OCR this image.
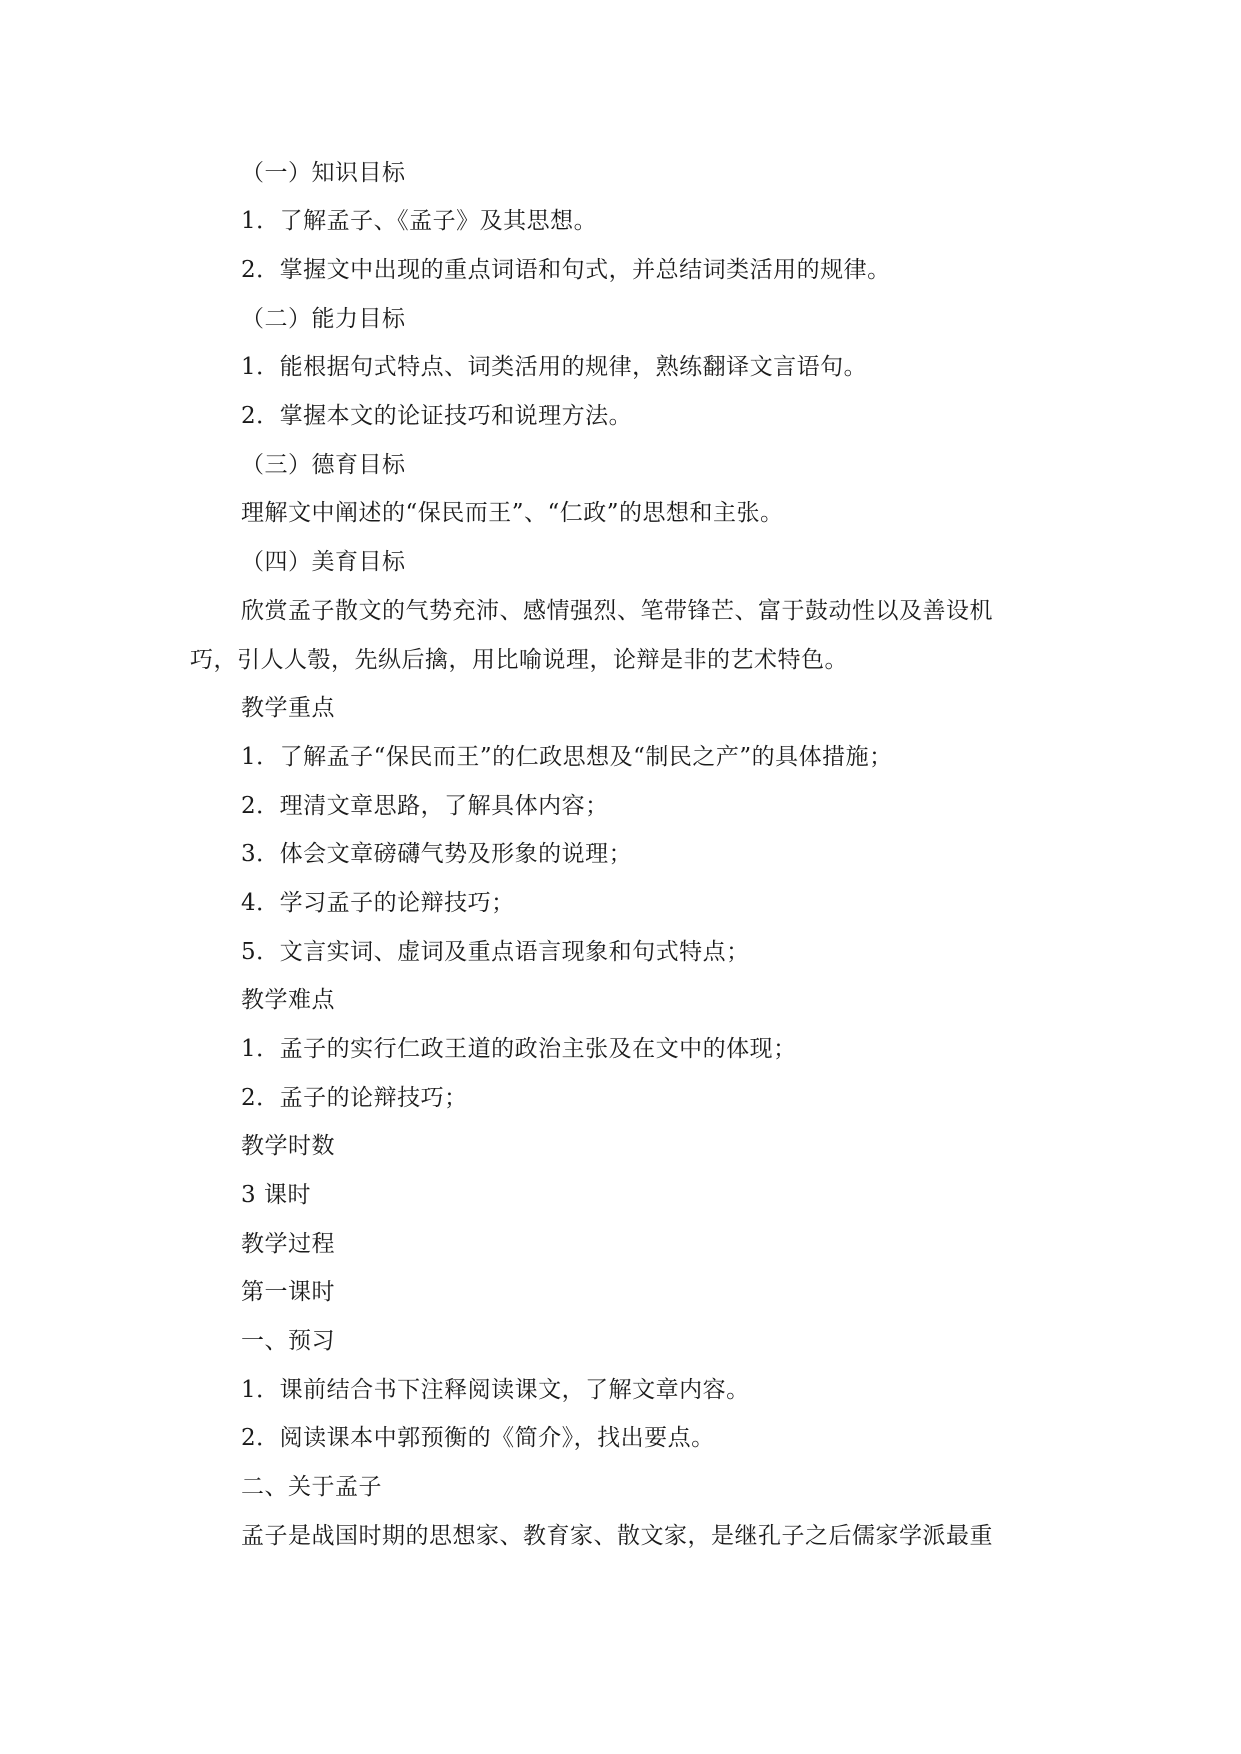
（一）知识目标
1．了解孟子、《孟子》及其思想。
2．掌握文中出现的重点词语和句式，并总结词类活用的规律。
（二）能力目标
1．能根据句式特点、词类活用的规律，熟练翻译文言语句。
2．掌握本文的论证技巧和说理方法。
（三）德育目标
理解文中阐述的“保民而王”、“仁政”的思想和主张。
（四）美育目标
欣赏孟子散文的气势充沛、感情强烈、笔带锋芒、富于鼓动性以及善设机
巧，引人人彀，先纵后擒，用比喻说理，论辩是非的艺术特色。
教学重点
1．了解孟子“保民而王”的仁政思想及“制民之产”的具体措施；
2．理清文章思路，了解具体内容；
3．体会文章磅礴气势及形象的说理；
4．学习孟子的论辩技巧；
5．文言实词、虚词及重点语言现象和句式特点；
教学难点
1．孟子的实行仁政王道的政治主张及在文中的体现；
2．孟子的论辩技巧；
教学时数
3 课时
教学过程
第一课时
一、预习
1．课前结合书下注释阅读课文，了解文章内容。
2．阅读课本中郭预衡的《简介》，找出要点。
二、关于孟子
孟子是战国时期的思想家、教育家、散文家，是继孔子之后儒家学派最重
